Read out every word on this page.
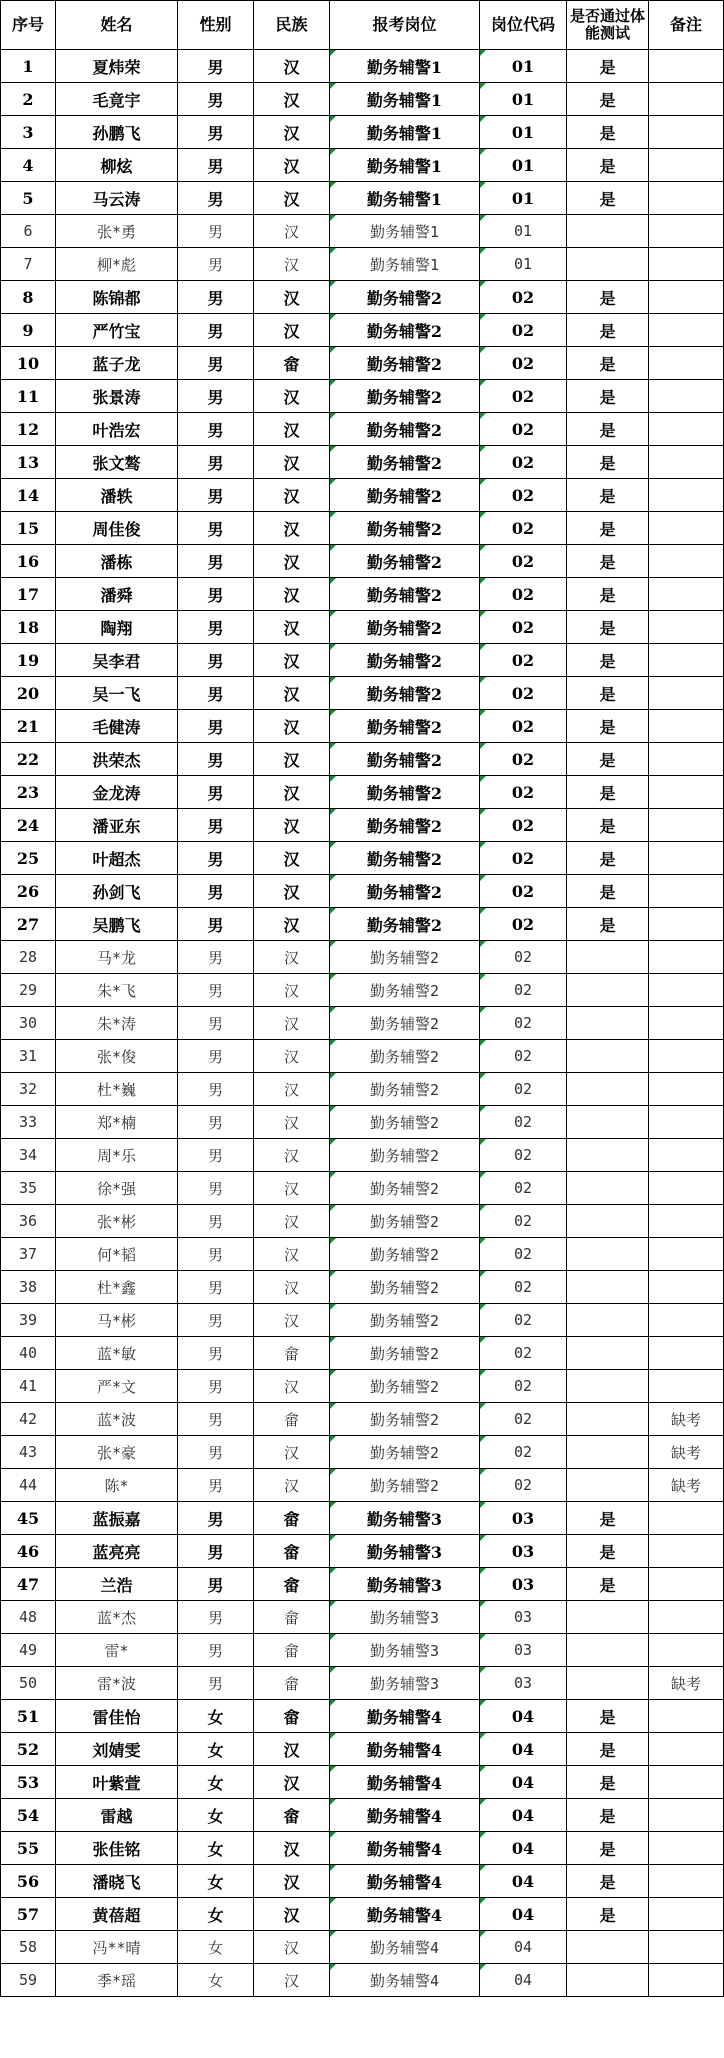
序号	姓名	性别	民族	报考岗位	岗位代码	是否通过体能测试	备注
1	夏炜荣	男	汉	勤务辅警1	01	是	
2	毛竟宇	男	汉	勤务辅警1	01	是	
3	孙鹏飞	男	汉	勤务辅警1	01	是	
4	柳炫	男	汉	勤务辅警1	01	是	
5	马云涛	男	汉	勤务辅警1	01	是	
6	张*勇	男	汉	勤务辅警1	01		
7	柳*彪	男	汉	勤务辅警1	01		
8	陈锦都	男	汉	勤务辅警2	02	是	
9	严竹宝	男	汉	勤务辅警2	02	是	
10	蓝子龙	男	畲	勤务辅警2	02	是	
11	张景涛	男	汉	勤务辅警2	02	是	
12	叶浩宏	男	汉	勤务辅警2	02	是	
13	张文骜	男	汉	勤务辅警2	02	是	
14	潘轶	男	汉	勤务辅警2	02	是	
15	周佳俊	男	汉	勤务辅警2	02	是	
16	潘栋	男	汉	勤务辅警2	02	是	
17	潘舜	男	汉	勤务辅警2	02	是	
18	陶翔	男	汉	勤务辅警2	02	是	
19	吴李君	男	汉	勤务辅警2	02	是	
20	吴一飞	男	汉	勤务辅警2	02	是	
21	毛健涛	男	汉	勤务辅警2	02	是	
22	洪荣杰	男	汉	勤务辅警2	02	是	
23	金龙涛	男	汉	勤务辅警2	02	是	
24	潘亚东	男	汉	勤务辅警2	02	是	
25	叶超杰	男	汉	勤务辅警2	02	是	
26	孙剑飞	男	汉	勤务辅警2	02	是	
27	吴鹏飞	男	汉	勤务辅警2	02	是	
28	马*龙	男	汉	勤务辅警2	02		
29	朱*飞	男	汉	勤务辅警2	02		
30	朱*涛	男	汉	勤务辅警2	02		
31	张*俊	男	汉	勤务辅警2	02		
32	杜*巍	男	汉	勤务辅警2	02		
33	郑*楠	男	汉	勤务辅警2	02		
34	周*乐	男	汉	勤务辅警2	02		
35	徐*强	男	汉	勤务辅警2	02		
36	张*彬	男	汉	勤务辅警2	02		
37	何*韬	男	汉	勤务辅警2	02		
38	杜*鑫	男	汉	勤务辅警2	02		
39	马*彬	男	汉	勤务辅警2	02		
40	蓝*敏	男	畲	勤务辅警2	02		
41	严*文	男	汉	勤务辅警2	02		
42	蓝*波	男	畲	勤务辅警2	02		缺考
43	张*豪	男	汉	勤务辅警2	02		缺考
44	陈*	男	汉	勤务辅警2	02		缺考
45	蓝振嘉	男	畲	勤务辅警3	03	是	
46	蓝亮亮	男	畲	勤务辅警3	03	是	
47	兰浩	男	畲	勤务辅警3	03	是	
48	蓝*杰	男	畲	勤务辅警3	03		
49	雷*	男	畲	勤务辅警3	03		
50	雷*波	男	畲	勤务辅警3	03		缺考
51	雷佳怡	女	畲	勤务辅警4	04	是	
52	刘婧雯	女	汉	勤务辅警4	04	是	
53	叶紫萱	女	汉	勤务辅警4	04	是	
54	雷越	女	畲	勤务辅警4	04	是	
55	张佳铭	女	汉	勤务辅警4	04	是	
56	潘晓飞	女	汉	勤务辅警4	04	是	
57	黄蓓超	女	汉	勤务辅警4	04	是	
58	冯**晴	女	汉	勤务辅警4	04		
59	季*瑶	女	汉	勤务辅警4	04		
